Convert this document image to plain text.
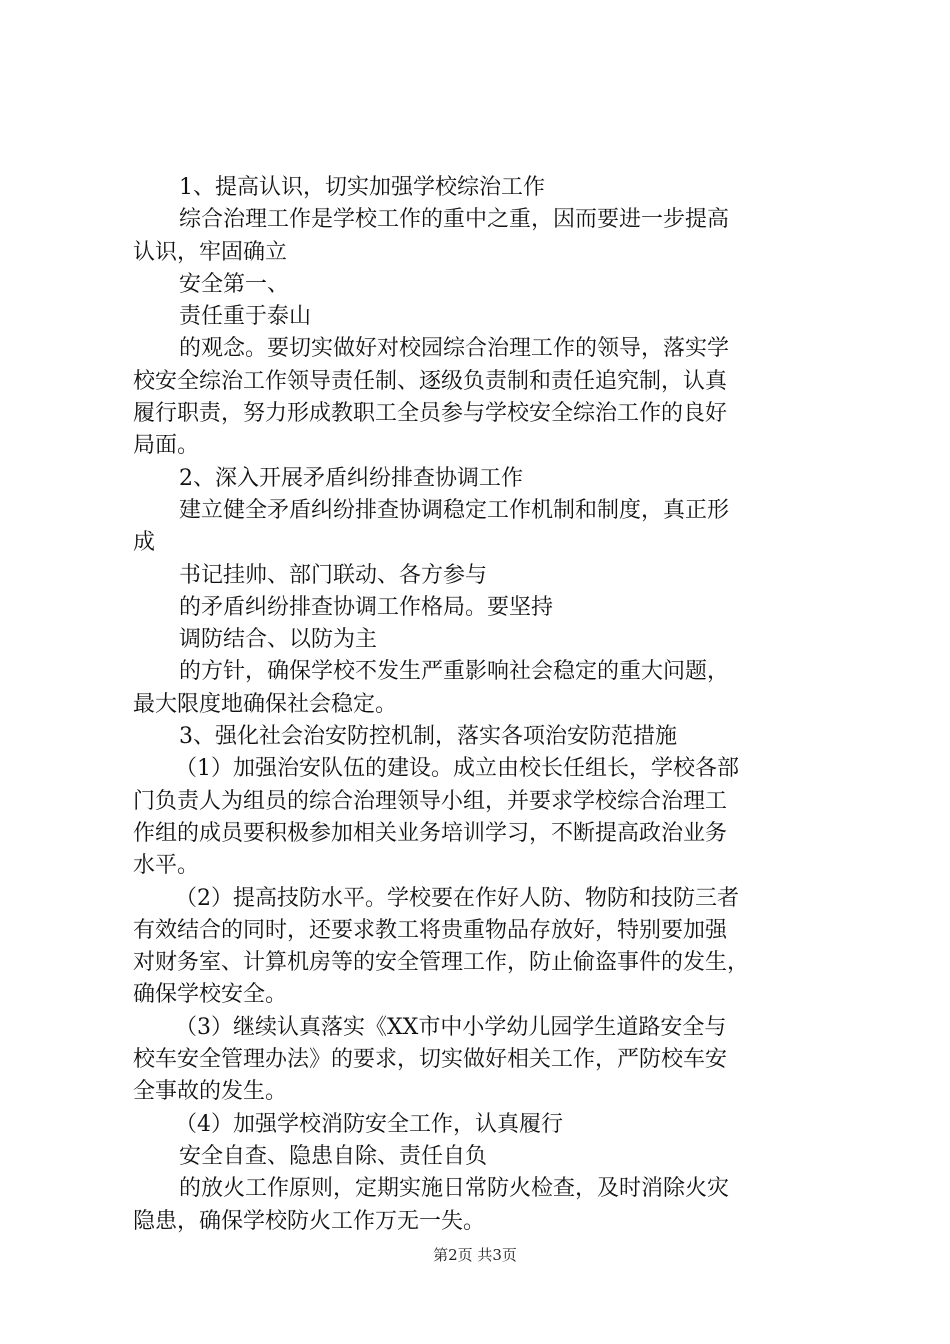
1、提高认识，切实加强学校综治工作
综合治理工作是学校工作的重中之重，因而要进一步提高
认识，牢固确立
安全第一、
责任重于泰山
的观念。要切实做好对校园综合治理工作的领导，落实学
校安全综治工作领导责任制、逐级负责制和责任追究制，认真
履行职责，努力形成教职工全员参与学校安全综治工作的良好
局面。
2、深入开展矛盾纠纷排查协调工作
建立健全矛盾纠纷排查协调稳定工作机制和制度，真正形
成
书记挂帅、部门联动、各方参与
的矛盾纠纷排查协调工作格局。要坚持
调防结合、以防为主
的方针，确保学校不发生严重影响社会稳定的重大问题，
最大限度地确保社会稳定。
3、强化社会治安防控机制，落实各项治安防范措施
（1）加强治安队伍的建设。成立由校长任组长，学校各部
门负责人为组员的综合治理领导小组，并要求学校综合治理工
作组的成员要积极参加相关业务培训学习，不断提高政治业务
水平。
（2）提高技防水平。学校要在作好人防、物防和技防三者
有效结合的同时，还要求教工将贵重物品存放好，特别要加强
对财务室、计算机房等的安全管理工作，防止偷盗事件的发生，
确保学校安全。
（3）继续认真落实《XX市中小学幼儿园学生道路安全与
校车安全管理办法》的要求，切实做好相关工作，严防校车安
全事故的发生。
（4）加强学校消防安全工作，认真履行
安全自查、隐患自除、责任自负
的放火工作原则，定期实施日常防火检查，及时消除火灾
隐患，确保学校防火工作万无一失。
第2页 共3页
